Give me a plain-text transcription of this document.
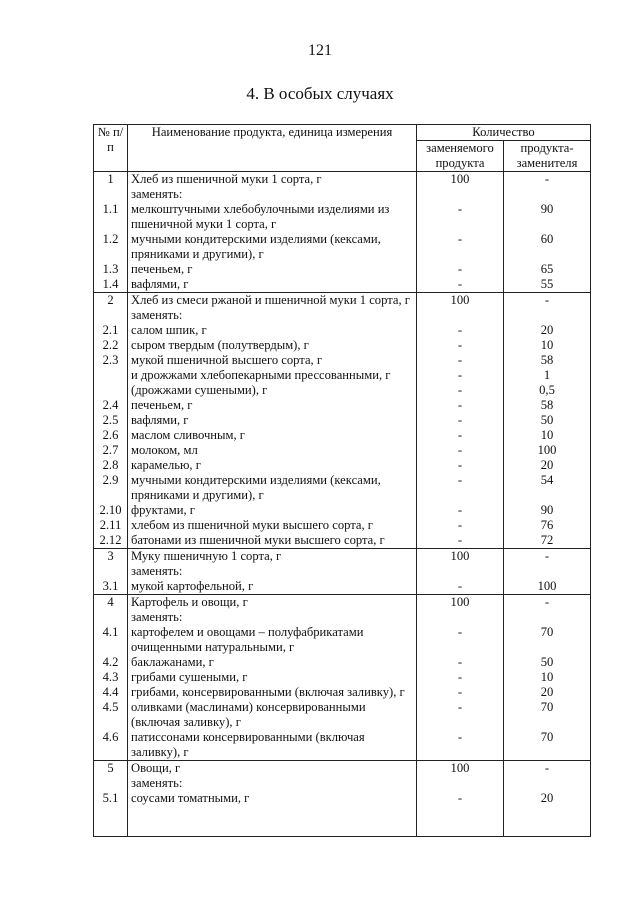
121
4. В особых случаях
№ п/п	Наименование продукта, единица измерения	Количество	
		заменяемого продукта	продукта-заменителя
1	Хлеб из пшеничной муки 1 сорта, г	100	-
	заменять:		
1.1	мелкоштучными хлебобулочными изделиями из пшеничной муки 1 сорта, г	-	90
1.2	мучными кондитерскими изделиями (кексами, пряниками и другими), г	-	60
1.3	печеньем, г	-	65
1.4	вафлями, г	-	55
2	Хлеб из смеси ржаной и пшеничной муки 1 сорта, г	100	-
	заменять:		
2.1	салом шпик, г	-	20
2.2	сыром твердым (полутвердым), г	-	10
2.3	мукой пшеничной высшего сорта, г	-	58
	и дрожжами хлебопекарными прессованными, г	-	1
	(дрожжами сушеными), г	-	0,5
2.4	печеньем, г	-	58
2.5	вафлями, г	-	50
2.6	маслом сливочным, г	-	10
2.7	молоком, мл	-	100
2.8	карамелью, г	-	20
2.9	мучными кондитерскими изделиями (кексами, пряниками и другими), г	-	54
2.10	фруктами, г	-	90
2.11	хлебом из пшеничной муки высшего сорта, г	-	76
2.12	батонами из пшеничной муки высшего сорта, г	-	72
3	Муку пшеничную 1 сорта, г	100	-
	заменять:		
3.1	мукой картофельной, г	-	100
4	Картофель и овощи, г	100	-
	заменять:		
4.1	картофелем и овощами – полуфабрикатами очищенными натуральными, г	-	70
4.2	баклажанами, г	-	50
4.3	грибами сушеными, г	-	10
4.4	грибами, консервированными (включая заливку), г	-	20
4.5	оливками (маслинами) консервированными (включая заливку), г	-	70
4.6	патиссонами консервированными (включая заливку), г	-	70
5	Овощи, г	100	-
	заменять:		
5.1	соусами томатными, г	-	20
